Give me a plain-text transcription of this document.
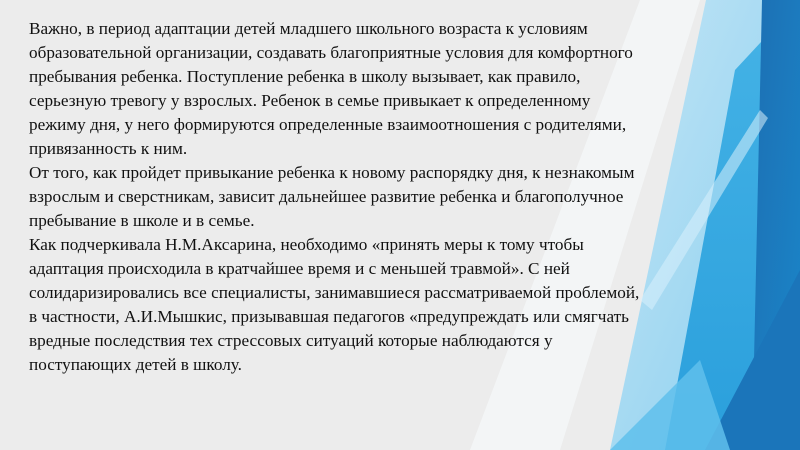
Важно, в период адаптации детей младшего школьного возраста к условиям
образовательной организации, создавать благоприятные условия для комфортного
пребывания ребенка. Поступление ребенка в школу вызывает, как правило,
серьезную тревогу у взрослых. Ребенок в семье привыкает к определенному
режиму дня, у него формируются определенные взаимоотношения с родителями,
привязанность к ним.
От того, как пройдет привыкание ребенка к новому распорядку дня, к незнакомым
взрослым и сверстникам, зависит дальнейшее развитие ребенка и благополучное
пребывание в школе и в семье.
Как подчеркивала Н.М.Аксарина, необходимо «принять меры к тому чтобы
адаптация происходила в кратчайшее время и с меньшей травмой». С ней
солидаризировались все специалисты, занимавшиеся рассматриваемой проблемой,
в частности, А.И.Мышкис, призывавшая педагогов «предупреждать или смягчать
вредные последствия тех стрессовых ситуаций которые наблюдаются у
поступающих детей в школу.
